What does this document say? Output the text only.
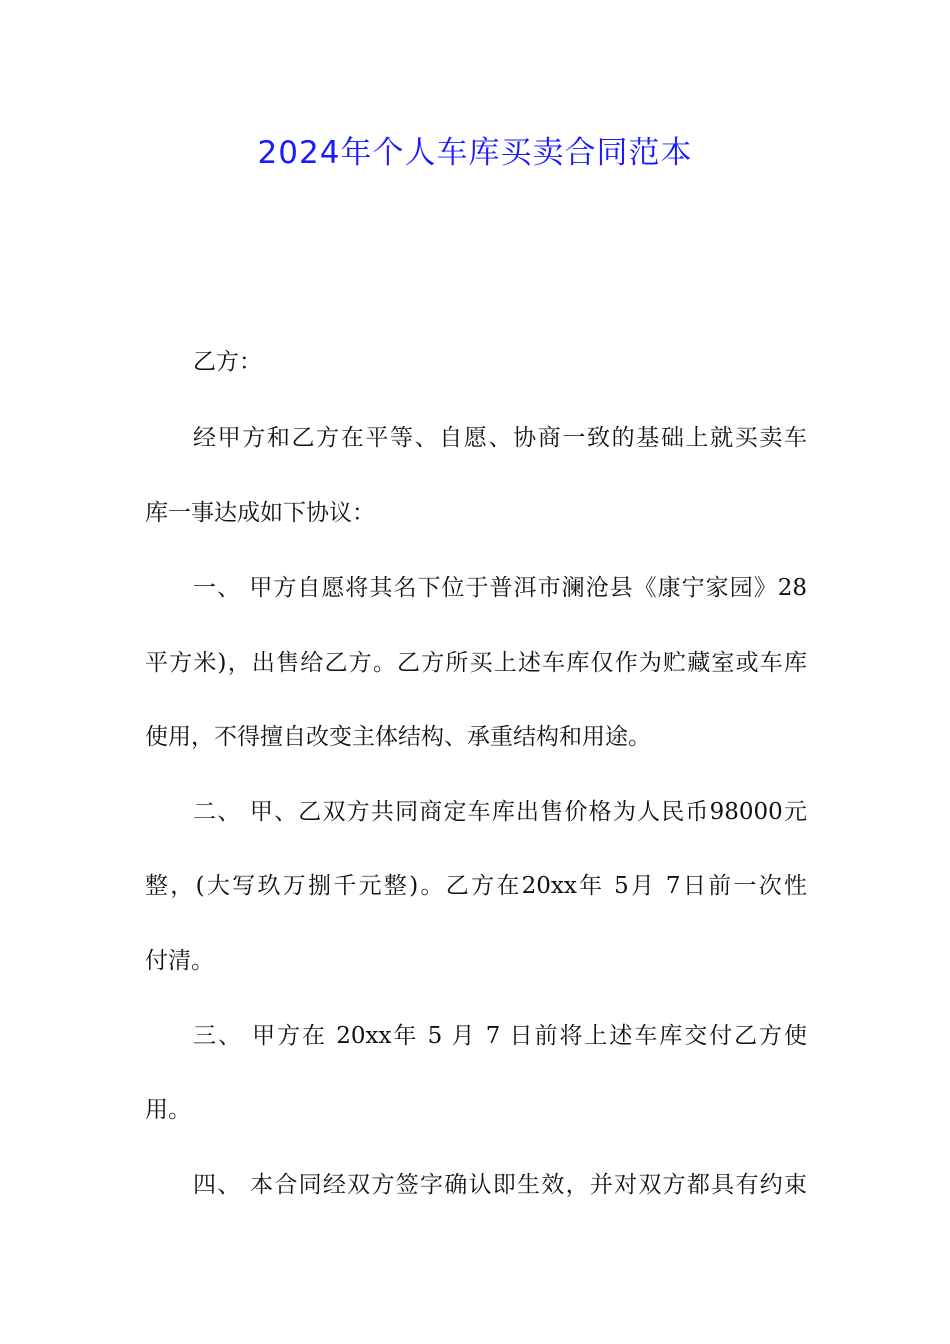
2024年个人车库买卖合同范本
乙方：
经甲方和乙方在平等、自愿、协商一致的基础上就买卖车
库一事达成如下协议：
一、 甲方自愿将其名下位于普洱市澜沧县《康宁家园》28
平方米)，出售给乙方。乙方所买上述车库仅作为贮藏室或车库
使用，不得擅自改变主体结构、承重结构和用途。
二、 甲、乙双方共同商定车库出售价格为人民币98000元
整，(大写玖万捌千元整)。乙方在20xx年 5月 7日前一次性
付清。
三、 甲方在 20xx年 5 月 7 日前将上述车库交付乙方使
用。
四、 本合同经双方签字确认即生效，并对双方都具有约束
